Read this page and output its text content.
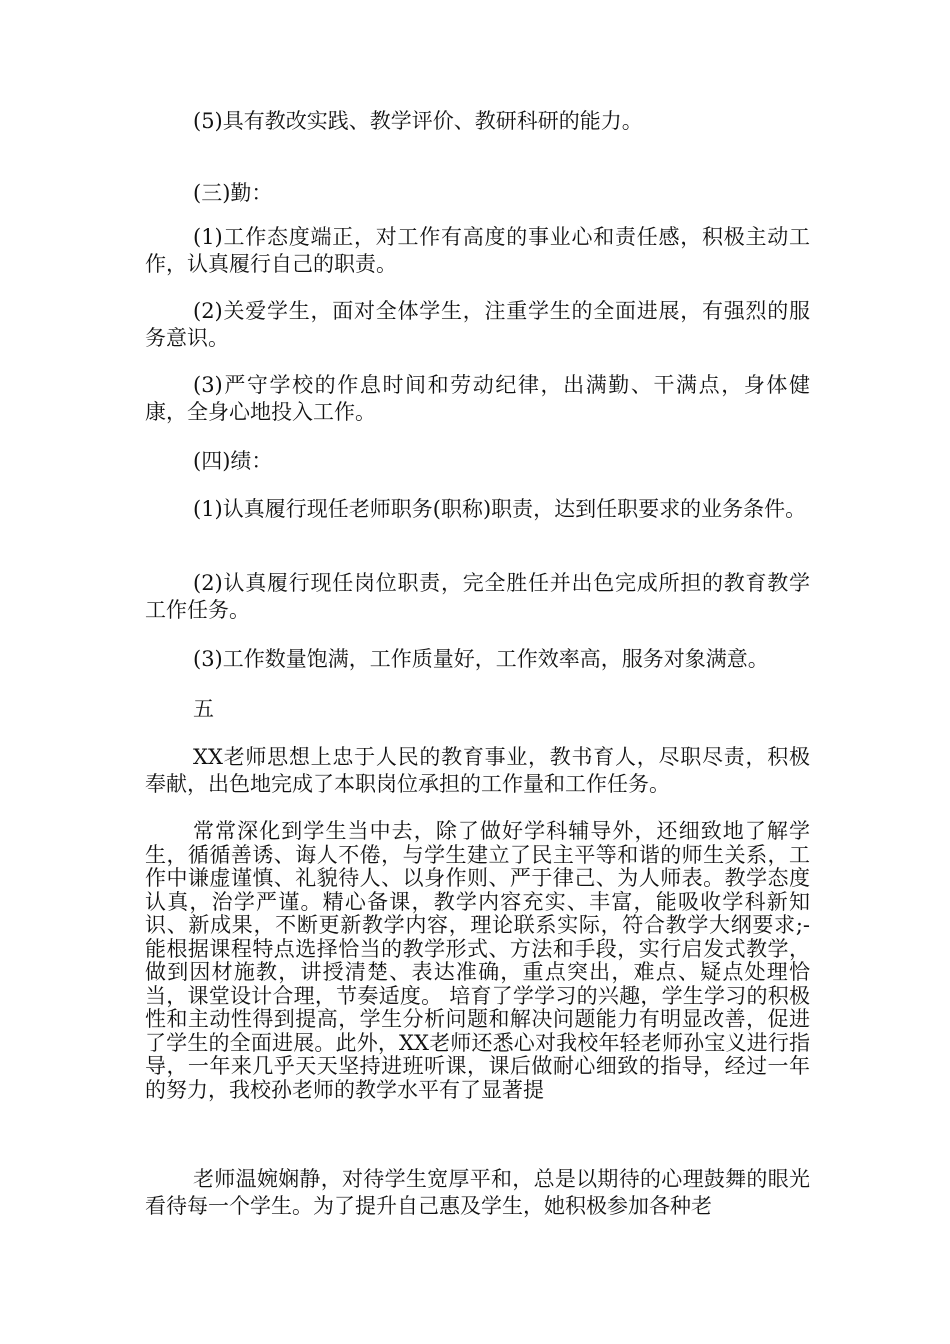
(5)具有教改实践、教学评价、教研科研的能力。

(三)勤：

(1)工作态度端正，对工作有高度的事业心和责任感，积极主动工作，认真履行自己的职责。

(2)关爱学生，面对全体学生，注重学生的全面进展，有强烈的服务意识。

(3)严守学校的作息时间和劳动纪律，出满勤、干满点，身体健康，全身心地投入工作。

(四)绩：

(1)认真履行现任老师职务(职称)职责，达到任职要求的业务条件。

(2)认真履行现任岗位职责，完全胜任并出色完成所担的教育教学工作任务。

(3)工作数量饱满，工作质量好，工作效率高，服务对象满意。

五

XX老师思想上忠于人民的教育事业，教书育人，尽职尽责，积极奉献，出色地完成了本职岗位承担的工作量和工作任务。

常常深化到学生当中去，除了做好学科辅导外，还细致地了解学生，循循善诱、诲人不倦，与学生建立了民主平等和谐的师生关系，工作中谦虚谨慎、礼貌待人、以身作则、严于律己、为人师表。教学态度认真，治学严谨。精心备课，教学内容充实、丰富，能吸收学科新知识、新成果，不断更新教学内容，理论联系实际，符合教学大纲要求;-能根据课程特点选择恰当的教学形式、方法和手段，实行启发式教学，做到因材施教，讲授清楚、表达准确，重点突出，难点、疑点处理恰当，课堂设计合理，节奏适度。 培育了学学习的兴趣，学生学习的积极性和主动性得到提高，学生分析问题和解决问题能力有明显改善，促进了学生的全面进展。此外，XX老师还悉心对我校年轻老师孙宝义进行指导，一年来几乎天天坚持进班听课，课后做耐心细致的指导，经过一年的努力，我校孙老师的教学水平有了显著提

老师温婉娴静，对待学生宽厚平和，总是以期待的心理鼓舞的眼光看待每一个学生。为了提升自己惠及学生，她积极参加各种老
